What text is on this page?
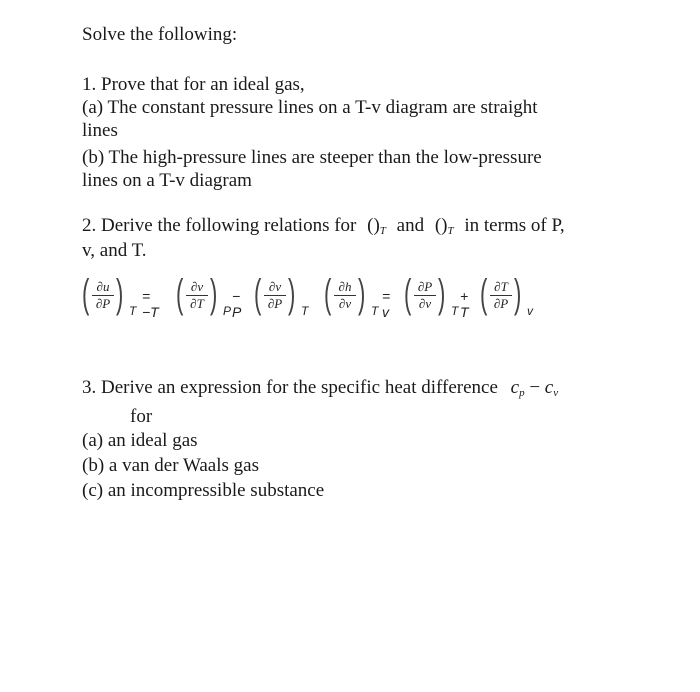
Solve the following:
1. Prove that for an ideal gas,
(a) The constant pressure lines on a T-v diagram are straight
lines
(b) The high-pressure lines are steeper than the low-pressure
lines on a T-v diagram
2. Derive the following relations for $()_T$ and $()_T$ in terms of P,
v, and T.
( ∂u
∂P ) T
= −T ( ∂v
∂T ) P
− P ( ∂v
∂P ) T ( ∂h
∂v ) T
= v ( ∂P
∂v ) T
+ T ( ∂T
∂P ) v
3. Derive an expression for the specific heat difference $c_p - c_v$
for
(a) an ideal gas
(b) a van der Waals gas
(c) an incompressible substance
